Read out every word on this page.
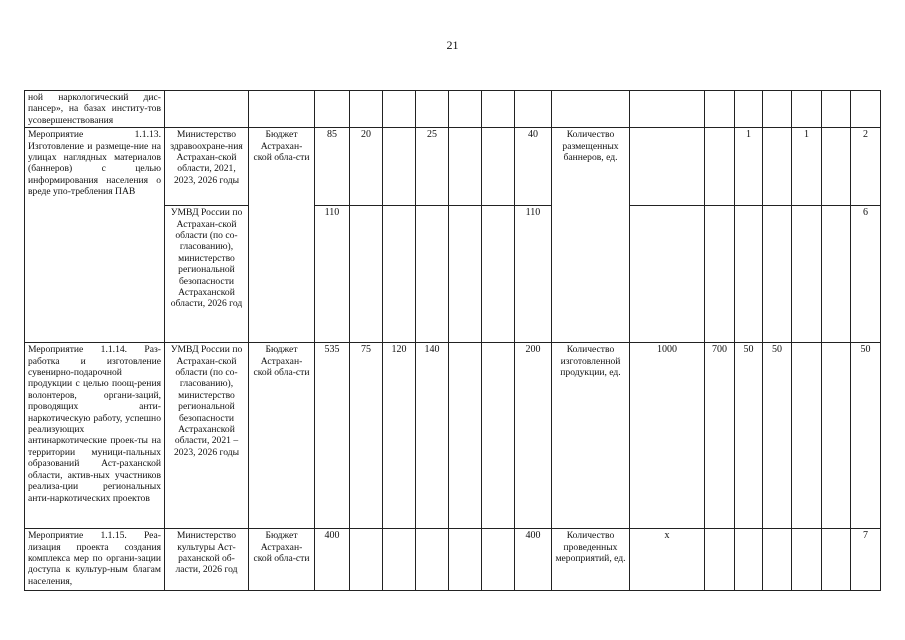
21
ной наркологический дис-пансер», на базах институ-тов усовершенствования																	
Мероприятие 1.1.13. Изготовление и размеще-ние на улицах наглядных материалов (баннеров) с целью информирования населения о вреде упо-требления ПАВ	Министерство здравоохране-ния Астрахан-ской области, 2021, 2023, 2026 годы	Бюджет Астрахан-ской обла-сти	85	20		25			40	Количество размещенных баннеров, ед.			1		1		2
	УМВД России по Астрахан-ской области (по со-гласованию), министерство региональной безопасности Астраханской области, 2026 год		110						110								6
Мероприятие 1.1.14. Раз-работка и изготовление сувенирно-подарочной продукции с целью поощ-рения волонтеров, органи-заций, проводящих анти-наркотическую работу, успешно реализующих антинаркотические проек-ты на территории муници-пальных образований Аст-раханской области, актив-ных участников реализа-ции региональных анти-наркотических проектов	УМВД России по Астрахан-ской области (по со-гласованию), министерство региональной безопасности Астраханской области, 2021 – 2023, 2026 годы	Бюджет Астрахан-ской обла-сти	535	75	120	140			200	Количество изготовленной продукции, ед.	1000	700	50	50			50
Мероприятие 1.1.15. Реа-лизация проекта создания комплекса мер по органи-зации доступа к культур-ным благам населения,	Министерство культуры Аст-раханской об-ласти, 2026 год	Бюджет Астрахан-ской обла-сти	400						400	Количество проведенных мероприятий, ед.	х						7
